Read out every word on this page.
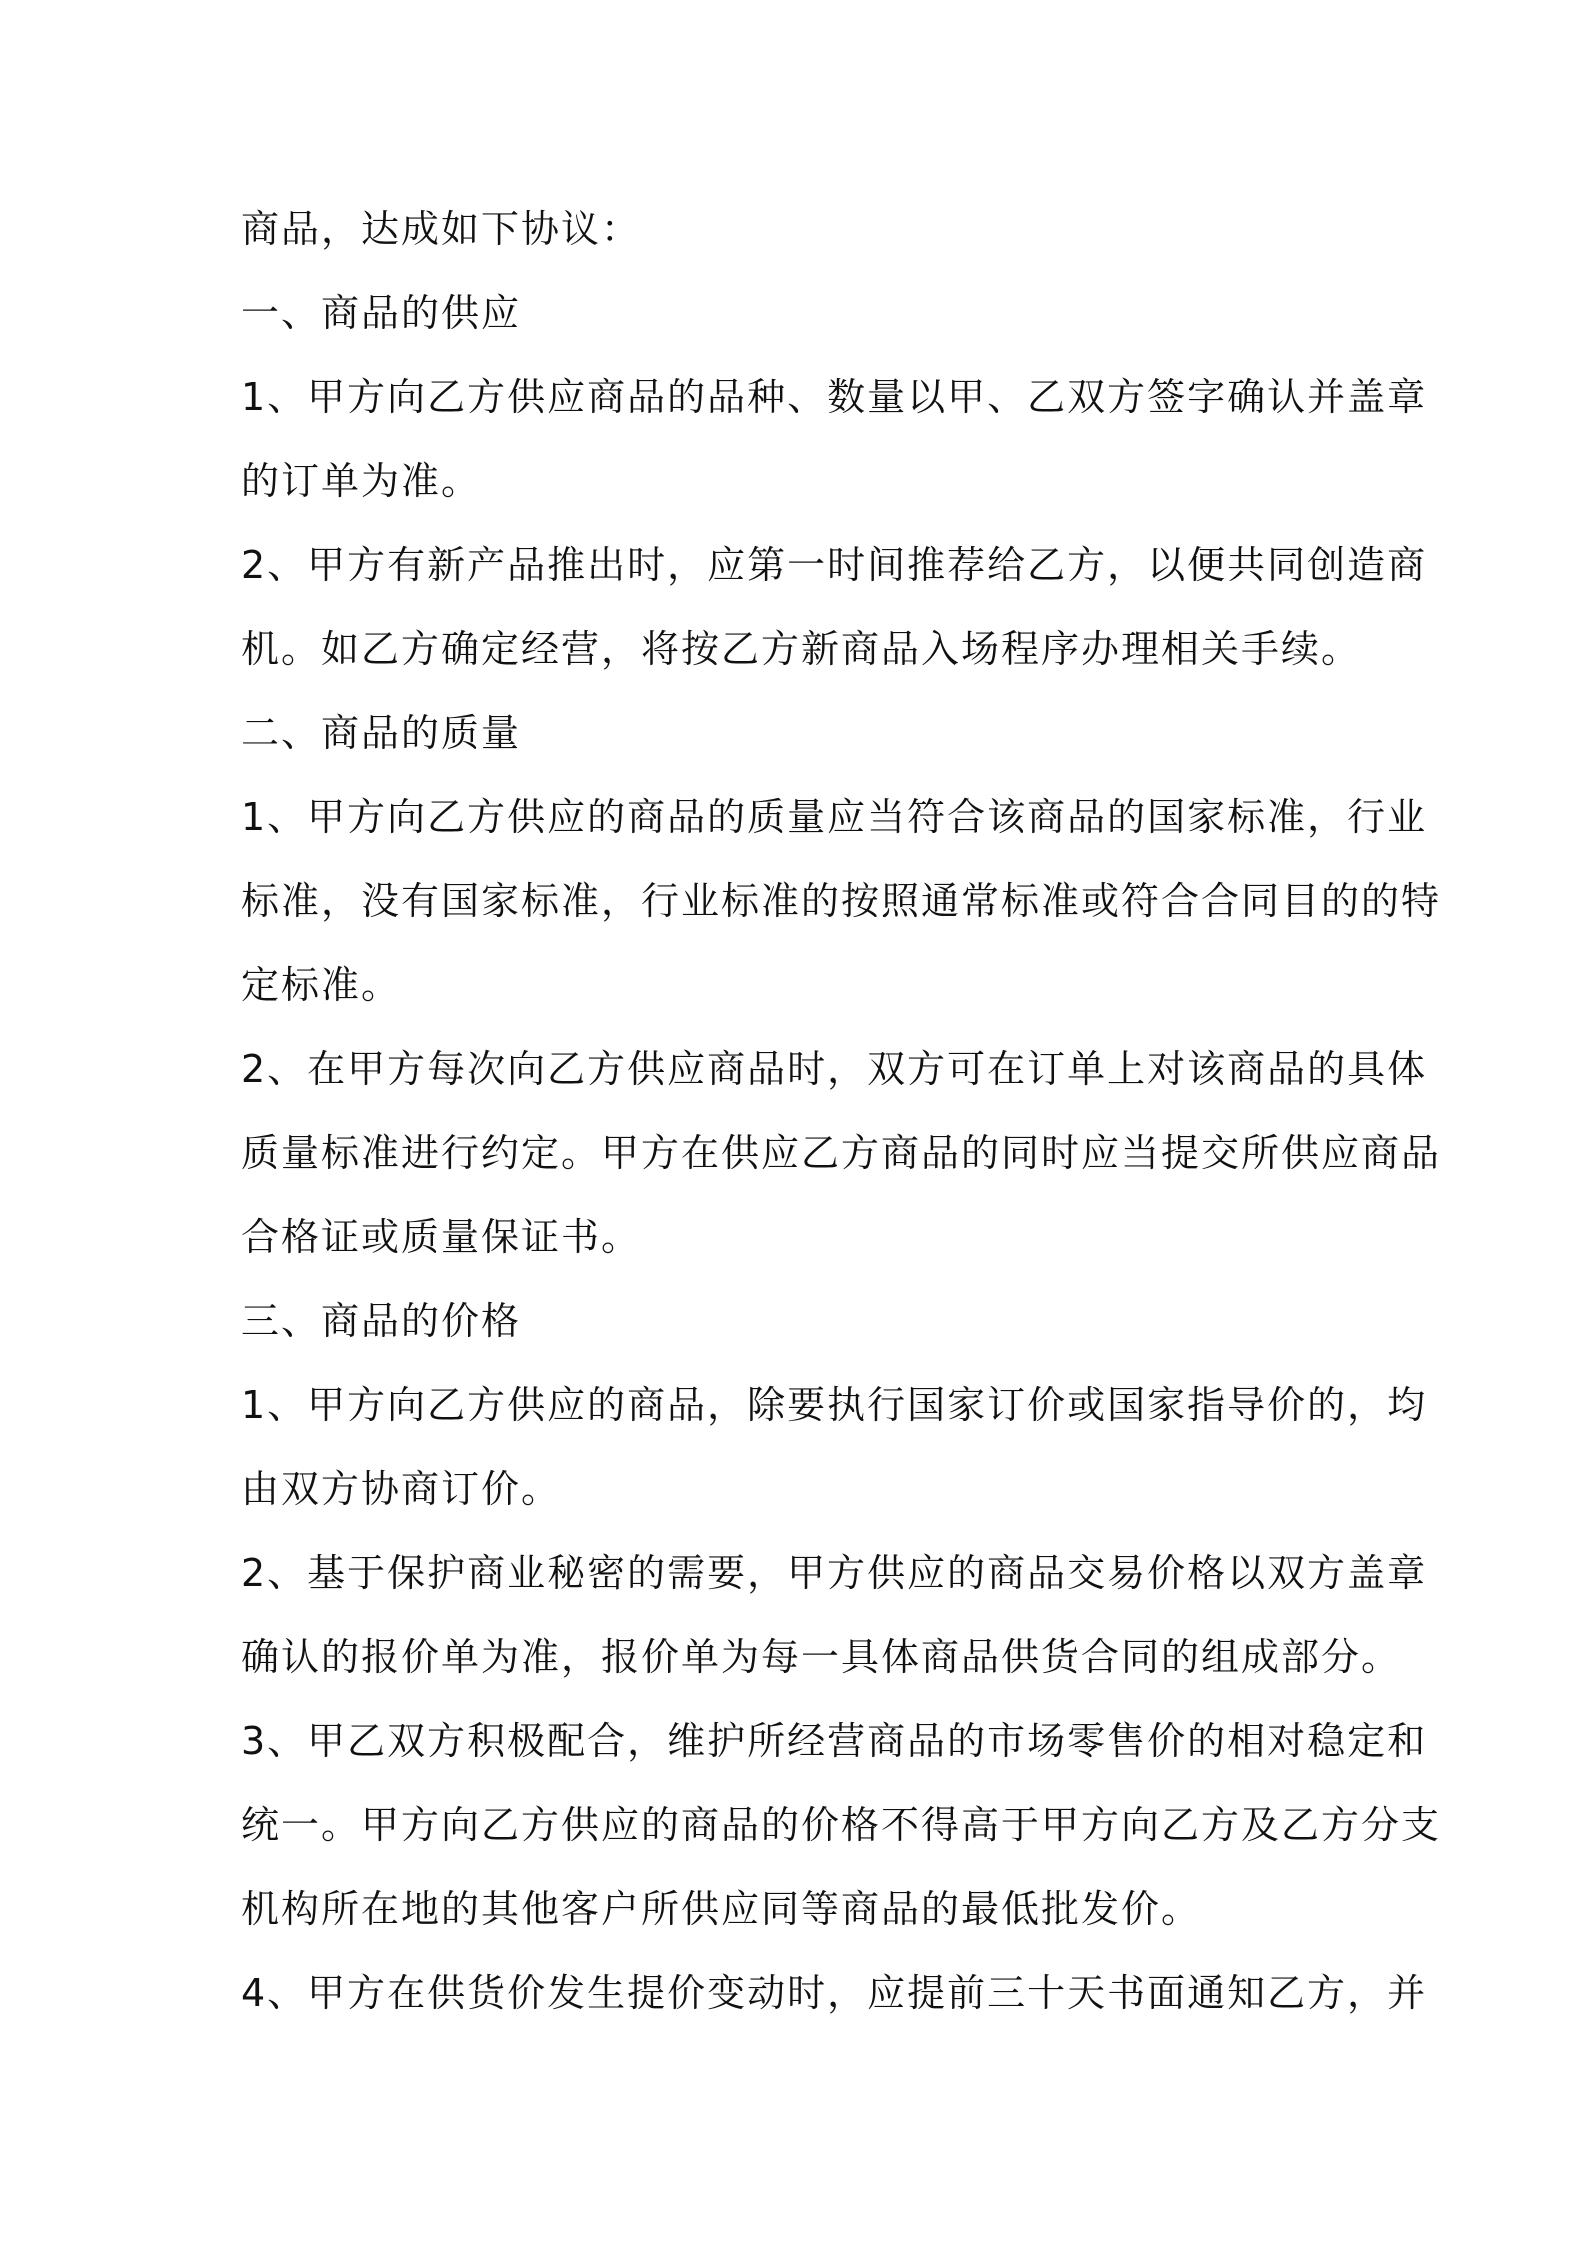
商品，达成如下协议：
一、商品的供应
1、甲方向乙方供应商品的品种、数量以甲、乙双方签字确认并盖章
的订单为准。
2、甲方有新产品推出时，应第一时间推荐给乙方，以便共同创造商
机。如乙方确定经营，将按乙方新商品入场程序办理相关手续。
二、商品的质量
1、甲方向乙方供应的商品的质量应当符合该商品的国家标准，行业
标准，没有国家标准，行业标准的按照通常标准或符合合同目的的特
定标准。
2、在甲方每次向乙方供应商品时，双方可在订单上对该商品的具体
质量标准进行约定。甲方在供应乙方商品的同时应当提交所供应商品
合格证或质量保证书。
三、商品的价格
1、甲方向乙方供应的商品，除要执行国家订价或国家指导价的，均
由双方协商订价。
2、基于保护商业秘密的需要，甲方供应的商品交易价格以双方盖章
确认的报价单为准，报价单为每一具体商品供货合同的组成部分。
3、甲乙双方积极配合，维护所经营商品的市场零售价的相对稳定和
统一。甲方向乙方供应的商品的价格不得高于甲方向乙方及乙方分支
机构所在地的其他客户所供应同等商品的最低批发价。
4、甲方在供货价发生提价变动时，应提前三十天书面通知乙方，并
